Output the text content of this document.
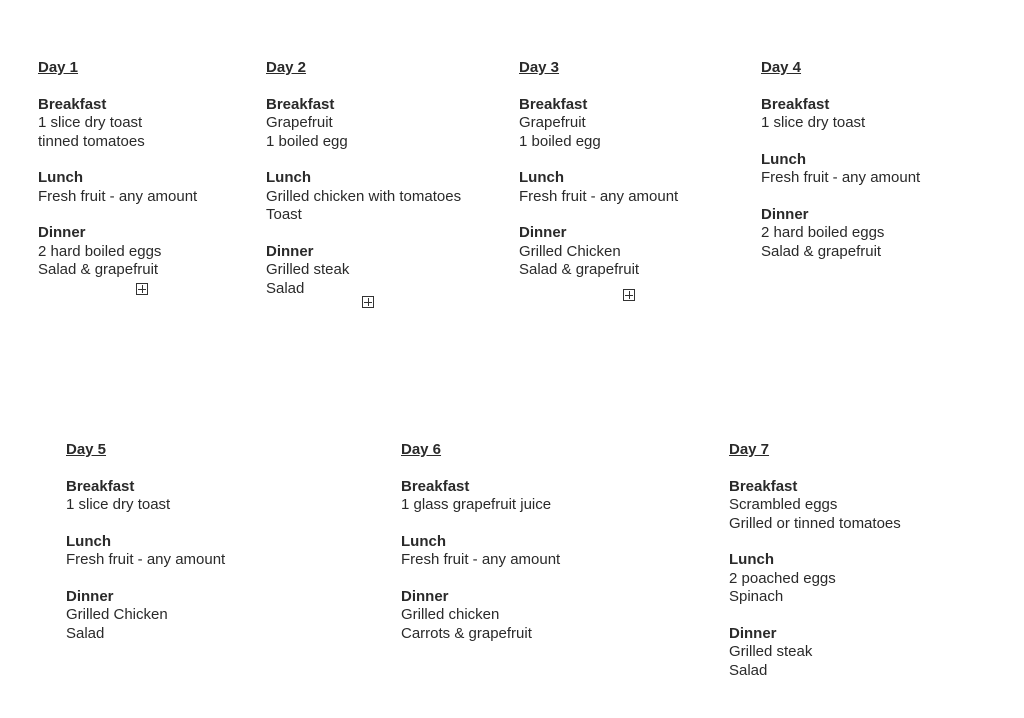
Day 1
Breakfast
1 slice dry toast
tinned tomatoes
Lunch
Fresh fruit - any amount
Dinner
2 hard boiled eggs
Salad & grapefruit
Day 2
Breakfast
Grapefruit
1 boiled egg
Lunch
Grilled chicken with tomatoes
Toast
Dinner
Grilled steak
Salad
Day 3
Breakfast
Grapefruit
1 boiled egg
Lunch
Fresh fruit - any amount
Dinner
Grilled Chicken
Salad & grapefruit
Day 4
Breakfast
1 slice dry toast
Lunch
Fresh fruit - any amount
Dinner
2 hard boiled eggs
Salad & grapefruit
Day 5
Breakfast
1 slice dry toast
Lunch
Fresh fruit - any amount
Dinner
Grilled Chicken
Salad
Day 6
Breakfast
1 glass grapefruit juice
Lunch
Fresh fruit - any amount
Dinner
Grilled chicken
Carrots & grapefruit
Day 7
Breakfast
Scrambled eggs
Grilled or tinned tomatoes
Lunch
2 poached eggs
Spinach
Dinner
Grilled steak
Salad
